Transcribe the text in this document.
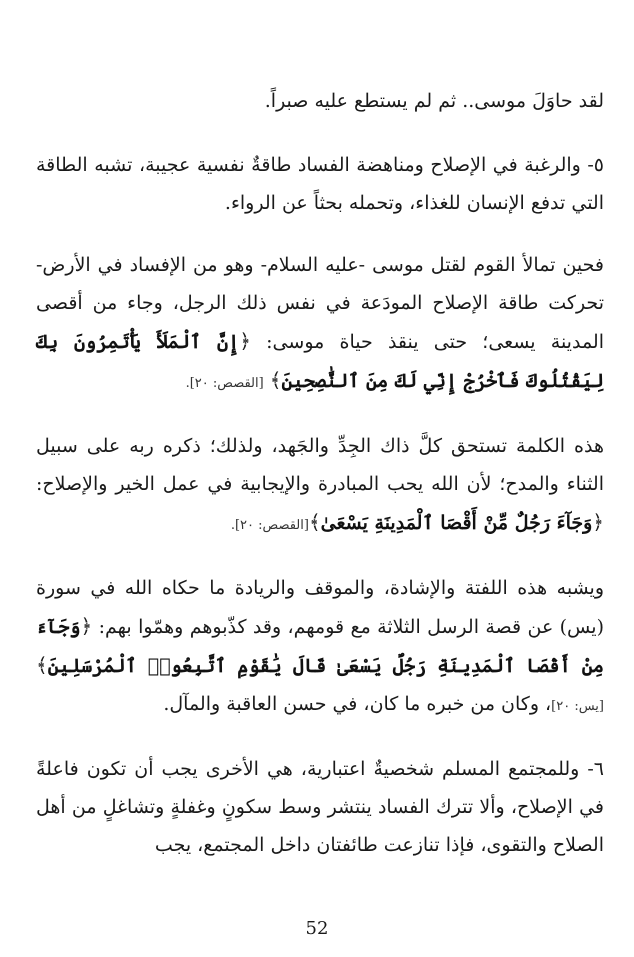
لقد حاوَلَ موسى.. ثم لم يستطع عليه صبراً.

٥- والرغبة في الإصلاح ومناهضة الفساد طاقةٌ نفسية عجيبة، تشبه الطاقة التي تدفع الإنسان للغذاء، وتحمله بحثاً عن الرواء.

فحين تمالأ القوم لقتل موسى -عليه السلام- وهو من الإفساد في الأرض- تحركت طاقة الإصلاح المودَعة في نفس ذلك الرجل، وجاء من أقصى المدينة يسعى؛ حتى ينقذ حياة موسى: ﴿إِنَّ ٱلْمَلَأَ يَأْتَمِرُونَ بِكَ لِيَقْتُلُوكَ فَٱخْرُجْ إِنِّي لَكَ مِنَ ٱلنَّٰصِحِينَ﴾ [القصص: ٢٠].

هذه الكلمة تستحق كلَّ ذاك الجِدِّ والجَهد، ولذلك؛ ذكره ربه على سبيل الثناء والمدح؛ لأن الله يحب المبادرة والإيجابية في عمل الخير والإصلاح: ﴿وَجَآءَ رَجُلٌ مِّنْ أَقْصَا ٱلْمَدِينَةِ يَسْعَىٰ﴾[القصص: ٢٠].

ويشبه هذه اللفتة والإشادة، والموقف والريادة ما حكاه الله في سورة (يس) عن قصة الرسل الثلاثة مع قومهم، وقد كذّبوهم وهمّوا بهم: ﴿وَجَآءَ مِنْ أَقْصَا ٱلْمَدِينَةِ رَجُلٌ يَسْعَىٰ قَالَ يَٰقَوْمِ ٱتَّبِعُوا۟ ٱلْمُرْسَلِينَ﴾ [يس: ٢٠]، وكان من خبره ما كان، في حسن العاقبة والمآل.

٦- وللمجتمع المسلم شخصيةٌ اعتبارية، هي الأخرى يجب أن تكون فاعلةً في الإصلاح، وألا تترك الفساد ينتشر وسط سكونٍ وغفلةٍ وتشاغلٍ من أهل الصلاح والتقوى، فإذا تنازعت طائفتان داخل المجتمع، يجب

52
